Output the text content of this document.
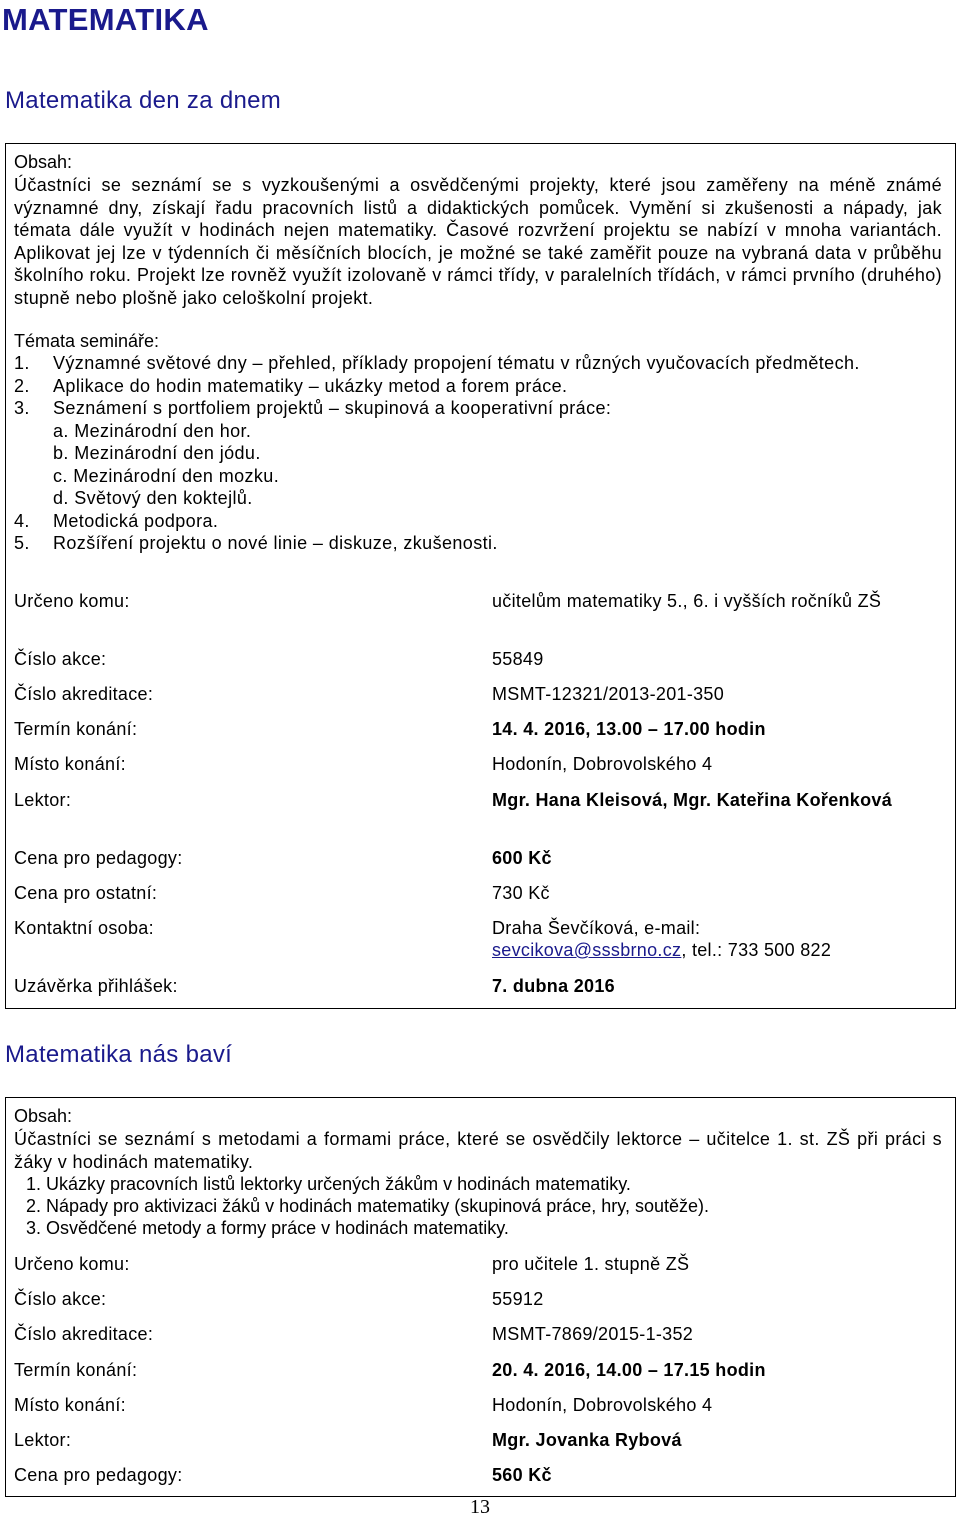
MATEMATIKA
Matematika den za dnem
Obsah:
Účastníci se seznámí se s vyzkoušenými a osvědčenými projekty, které jsou zaměřeny na méně známé významné dny, získají řadu pracovních listů a didaktických pomůcek. Vymění si zkušenosti a nápady, jak témata dále využít v hodinách nejen matematiky. Časové rozvržení projektu se nabízí v mnoha variantách. Aplikovat jej lze v týdenních či měsíčních blocích, je možné se také zaměřit pouze na vybraná data v průběhu školního roku. Projekt lze rovněž využít izolovaně v rámci třídy, v paralelních třídách, v rámci prvního (druhého) stupně nebo plošně jako celoškolní projekt.
Témata semináře:
1. Významné světové dny – přehled, příklady propojení tématu v různých vyučovacích předmětech.
2. Aplikace do hodin matematiky – ukázky metod a forem práce.
3. Seznámení s portfoliem projektů – skupinová a kooperativní práce:
a. Mezinárodní den hor.
b. Mezinárodní den jódu.
c. Mezinárodní den mozku.
d. Světový den koktejlů.
4. Metodická podpora.
5. Rozšíření projektu o nové linie – diskuze, zkušenosti.
Určeno komu:	učitelům matematiky 5., 6. i vyšších ročníků ZŠ
Číslo akce:	55849
Číslo akreditace:	MSMT-12321/2013-201-350
Termín konání:	14. 4. 2016, 13.00 – 17.00 hodin
Místo konání:	Hodonín, Dobrovolského 4
Lektor:	Mgr. Hana Kleisová, Mgr. Kateřina Kořenková
Cena pro pedagogy:	600 Kč
Cena pro ostatní:	730 Kč
Kontaktní osoba:	Draha Ševčíková, e-mail:
sevcikova@sssbrno.cz, tel.: 733 500 822
Uzávěrka přihlášek:	7. dubna 2016
Matematika nás baví
Obsah:
Účastníci se seznámí s metodami a formami práce, které se osvědčily lektorce – učitelce 1. st. ZŠ při práci s žáky v hodinách matematiky.
1. Ukázky pracovních listů lektorky určených žákům v hodinách matematiky.
2. Nápady pro aktivizaci žáků v hodinách matematiky (skupinová práce, hry, soutěže).
3. Osvědčené metody a formy práce v hodinách matematiky.
Určeno komu:	pro učitele 1. stupně ZŠ
Číslo akce:	55912
Číslo akreditace:	MSMT-7869/2015-1-352
Termín konání:	20. 4. 2016, 14.00 – 17.15 hodin
Místo konání:	Hodonín, Dobrovolského 4
Lektor:	Mgr. Jovanka Rybová
Cena pro pedagogy:	560 Kč
13
